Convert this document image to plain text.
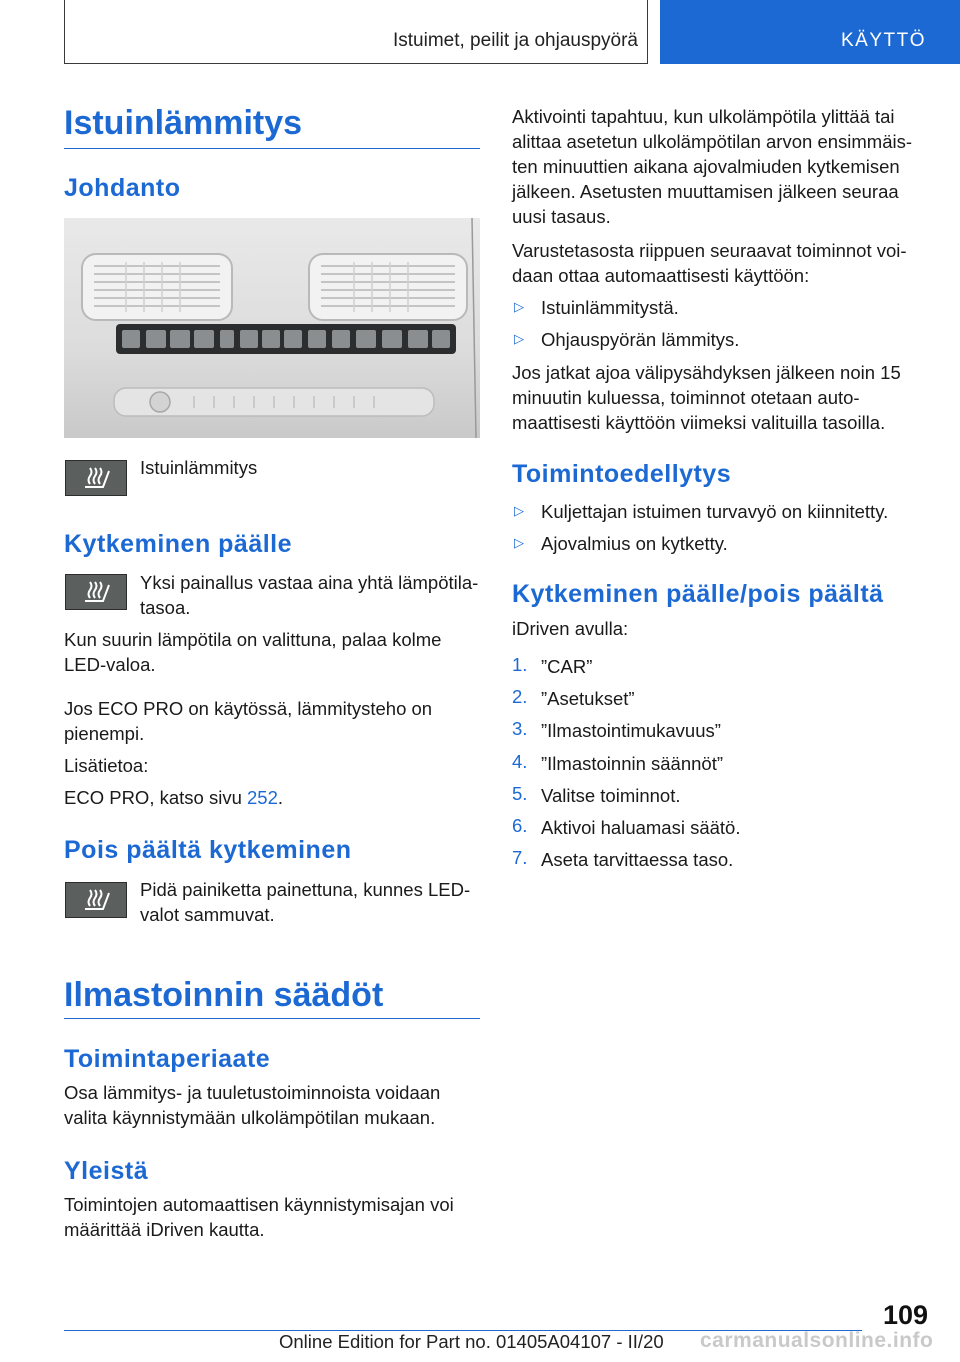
Istuimet, peilit ja ohjauspyörä	KÄYTTÖ
Istuinlämmitys
Johdanto

Istuinlämmitys

Kytkeminen päälle

Yksi painallus vastaa aina yhtä lämpötila-tasoa.

Kun suurin lämpötila on valittuna, palaa kolme LED-valoa.

Jos ECO PRO on käytössä, lämmitysteho on pienempi.

Lisätietoa:

ECO PRO, katso sivu 252.

Pois päältä kytkeminen

Pidä painiketta painettuna, kunnes LED-valot sammuvat.

Ilmastoinnin säädöt
Toimintaperiaate

Osa lämmitys- ja tuuletustoiminnoista voidaan valita käynnistymään ulkolämpötilan mukaan.

Yleistä

Toimintojen automaattisen käynnistymisajan voi määrittää iDriven kautta.

Aktivointi tapahtuu, kun ulkolämpötila ylittää tai alittaa asetetun ulkolämpötilan arvon ensimmäis-ten minuuttien aikana ajovalmiuden kytkemisen jälkeen. Asetusten muuttamisen jälkeen seuraa uusi tasaus.

Varustetasosta riippuen seuraavat toiminnot voi-daan ottaa automaattisesti käyttöön:

▷ Istuinlämmitystä.

▷ Ohjauspyörän lämmitys.

Jos jatkat ajoa välipysähdyksen jälkeen noin 15 minuutin kuluessa, toiminnot otetaan auto-maattisesti käyttöön viimeksi valituilla tasoilla.

Toimintoedellytys
▷ Kuljettajan istuimen turvavyö on kiinnitetty.

▷ Ajovalmius on kytketty.

Kytkeminen päälle/pois päältä

iDriven avulla:

1. ”CAR”

2. ”Asetukset”

3. ”Ilmastointimukavuus”

4. ”Ilmastoinnin säännöt”

5. Valitse toiminnot.

6. Aktivoi haluamasi säätö.

7. Aseta tarvittaessa taso.

109
Online Edition for Part no. 01405A04107 - II/20 carmanualsonline.info
